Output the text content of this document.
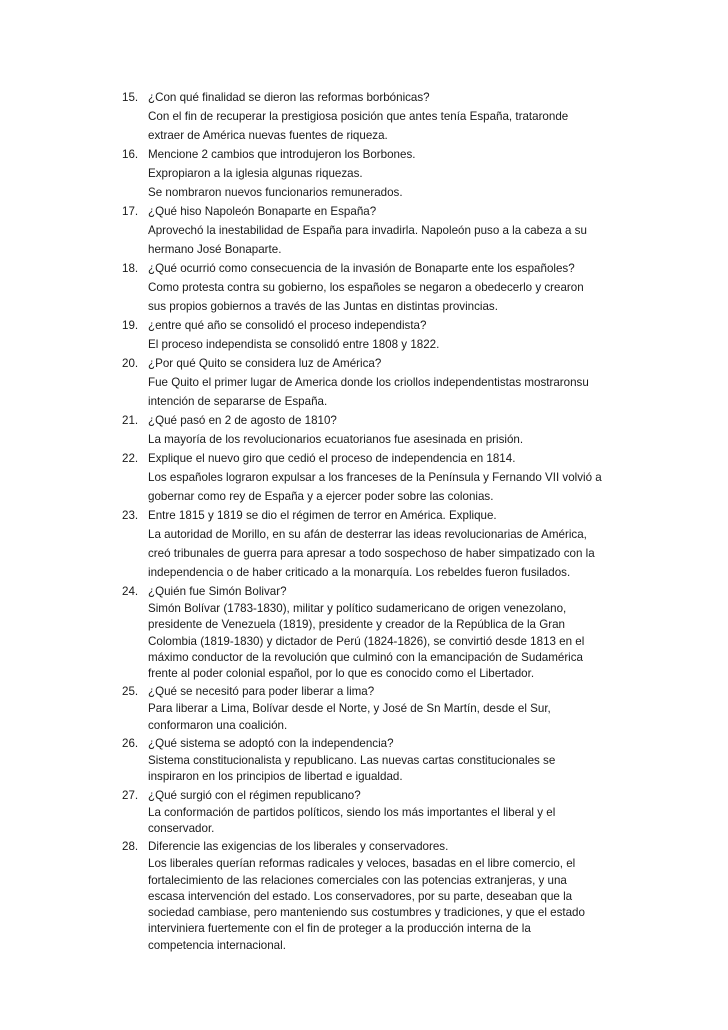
15. ¿Con qué finalidad se dieron las reformas borbónicas?
Con el fin de recuperar la prestigiosa posición que antes tenía España, trataronde
extraer de América nuevas fuentes de riqueza.
16. Mencione 2 cambios que introdujeron los Borbones.
Expropiaron a la iglesia algunas riquezas.
Se nombraron nuevos funcionarios remunerados.
17. ¿Qué hiso Napoleón Bonaparte en España?
Aprovechó la inestabilidad de España para invadirla. Napoleón puso a la cabeza a su
hermano José Bonaparte.
18. ¿Qué ocurrió como consecuencia de la invasión de Bonaparte ente los españoles?
Como protesta contra su gobierno, los españoles se negaron a obedecerlo y crearon
sus propios gobiernos a través de las Juntas en distintas provincias.
19. ¿entre qué año se consolidó el proceso independista?
El proceso independista se consolidó entre 1808 y 1822.
20. ¿Por qué Quito se considera luz de América?
Fue Quito el primer lugar de America donde los criollos independentistas mostraronsu
intención de separarse de España.
21. ¿Qué pasó en 2 de agosto de 1810?
La mayoría de los revolucionarios ecuatorianos fue asesinada en prisión.
22. Explique el nuevo giro que cedió el proceso de independencia en 1814.
Los españoles lograron expulsar a los franceses de la Península y Fernando VII volvió a
gobernar como rey de España y a ejercer poder sobre las colonias.
23. Entre 1815 y 1819 se dio el régimen de terror en América. Explique.
La autoridad de Morillo, en su afán de desterrar las ideas revolucionarias de América,
creó tribunales de guerra para apresar a todo sospechoso de haber simpatizado con la
independencia o de haber criticado a la monarquía. Los rebeldes fueron fusilados.
24. ¿Quién fue Simón Bolivar?
Simón Bolívar (1783-1830), militar y político sudamericano de origen venezolano,
presidente de Venezuela (1819), presidente y creador de la República de la Gran
Colombia (1819-1830) y dictador de Perú (1824-1826), se convirtió desde 1813 en el
máximo conductor de la revolución que culminó con la emancipación de Sudamérica
frente al poder colonial español, por lo que es conocido como el Libertador.
25. ¿Qué se necesitó para poder liberar a lima?
Para liberar a Lima, Bolívar desde el Norte, y José de Sn Martín, desde el Sur,
conformaron una coalición.
26. ¿Qué sistema se adoptó con la independencia?
Sistema constitucionalista y republicano. Las nuevas cartas constitucionales se
inspiraron en los principios de libertad e igualdad.
27. ¿Qué surgió con el régimen republicano?
La conformación de partidos políticos, siendo los más importantes el liberal y el
conservador.
28. Diferencie las exigencias de los liberales y conservadores.
Los liberales querían reformas radicales y veloces, basadas en el libre comercio, el
fortalecimiento de las relaciones comerciales con las potencias extranjeras, y una
escasa intervención del estado. Los conservadores, por su parte, deseaban que la
sociedad cambiase, pero manteniendo sus costumbres y tradiciones, y que el estado
interviniera fuertemente con el fin de proteger a la producción interna de la
competencia internacional.
